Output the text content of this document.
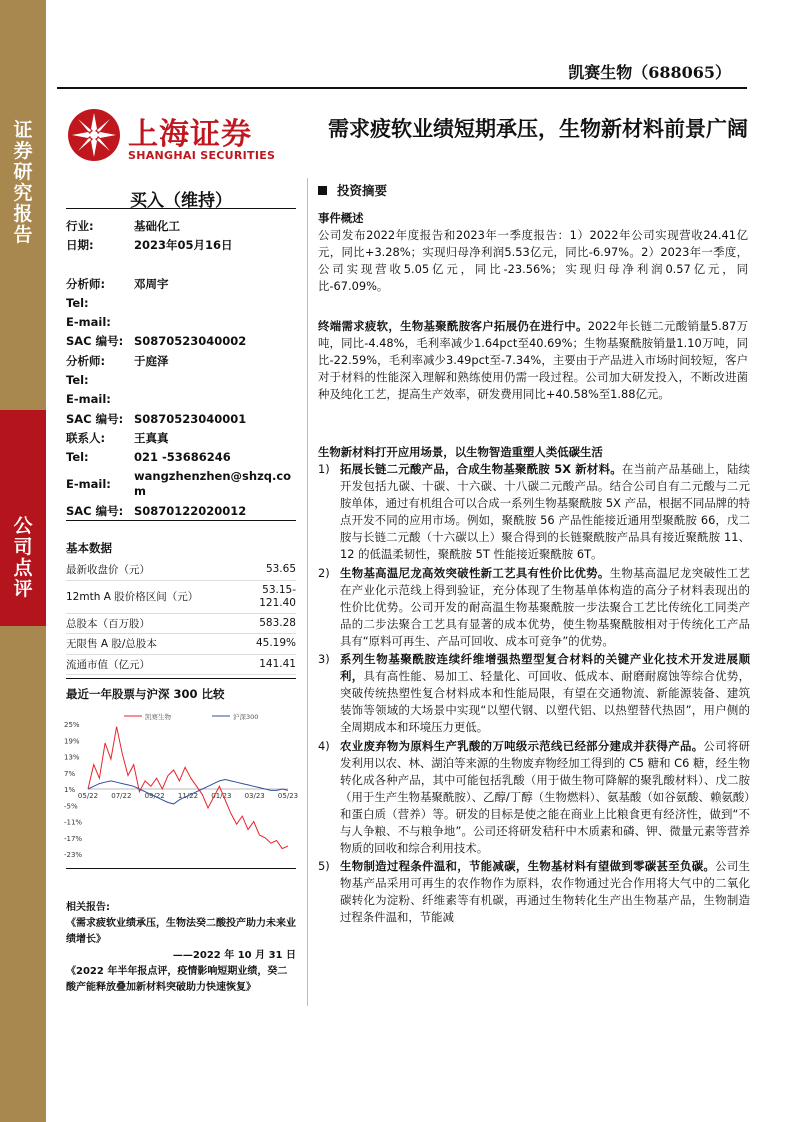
证
券
研
究
报
告
公
司
点
评
凯赛生物（688065）
上海证券
SHANGHAI SECURITIES
需求疲软业绩短期承压，生物新材料前景广阔
买入（维持）
行业:	基础化工
日期:	2023年05月16日
分析师:	邓周宇
Tel:
E-mail:
SAC 编号: S0870523040002
分析师:	于庭泽
Tel:
E-mail:
SAC 编号: S0870523040001
联系人:	王真真
Tel:	021 -53686246
E-mail:
wangzhenzhen@shzq.com
SAC 编号: S0870122020012
基本数据
最新收盘价（元）	53.65
12mth A 股价格区间（元）
53.15-121.40
总股本（百万股）	583.28
无限售 A 股/总股本	45.19%
流通市值（亿元）	141.41
最近一年股票与沪深 300 比较
25%
19%
13%
7%
1%
-5%
-11%
-17%
-23%
05/22 07/22 09/22 11/22 01/23 03/23 05/23
凯赛生物	沪深300
相关报告:
《需求疲软业绩承压，生物法癸二酸投产助力未来业绩增长》
——2022 年 10 月 31 日
《2022 年半年报点评，疫情影响短期业绩，癸二酸产能释放叠加新材料突破助力快速恢复》
投资摘要
事件概述
公司发布2022年度报告和2023年一季度报告：1）2022年公司实现营收24.41亿元，同比+3.28%；实现归母净利润5.53亿元，同比-6.97%。2）2023年一季度，公司实现营收5.05亿元，同比-23.56%；实现归母净利润0.57亿元，同比-67.09%。
终端需求疲软，生物基聚酰胺客户拓展仍在进行中。2022年长链二元酸销量5.87万吨，同比-4.48%，毛利率减少1.64pct至40.69%；生物基聚酰胺销量1.10万吨，同比-22.59%，毛利率减少3.49pct至-7.34%，主要由于产品进入市场时间较短，客户对于材料的性能深入理解和熟练使用仍需一段过程。公司加大研发投入，不断改进菌种及纯化工艺，提高生产效率，研发费用同比+40.58%至1.88亿元。
生物新材料打开应用场景，以生物智造重塑人类低碳生活
1) 拓展长链二元酸产品，合成生物基聚酰胺 5X 新材料。在当前产品基础上，陆续开发包括九碳、十碳、十六碳、十八碳二元酸产品。结合公司自有二元酸与二元胺单体，通过有机组合可以合成一系列生物基聚酰胺 5X 产品，根据不同品牌的特点开发不同的应用市场。例如，聚酰胺 56 产品性能接近通用型聚酰胺 66，戊二胺与长链二元酸（十六碳以上）聚合得到的长链聚酰胺产品具有接近聚酰胺 11、12 的低温柔韧性，聚酰胺 5T 性能接近聚酰胺 6T。
2) 生物基高温尼龙高效突破性新工艺具有性价比优势。生物基高温尼龙突破性工艺在产业化示范线上得到验证，充分体现了生物基单体构造的高分子材料表现出的性价比优势。公司开发的耐高温生物基聚酰胺一步法聚合工艺比传统化工同类产品的二步法聚合工艺具有显著的成本优势，使生物基聚酰胺相对于传统化工产品具有“原料可再生、产品可回收、成本可竞争”的优势。
3) 系列生物基聚酰胺连续纤维增强热塑型复合材料的关键产业化技术开发进展顺利，具有高性能、易加工、轻量化、可回收、低成本、耐磨耐腐蚀等综合优势，突破传统热塑性复合材料成本和性能局限，有望在交通物流、新能源装备、建筑装饰等领域的大场景中实现“以塑代钢、以塑代铝、以热塑替代热固”，用户侧的全周期成本和环境压力更低。
4) 农业废弃物为原料生产乳酸的万吨级示范线已经部分建成并获得产品。公司将研发利用以农、林、湖泊等来源的生物废弃物经加工得到的 C5 糖和 C6 糖，经生物转化成各种产品，其中可能包括乳酸（用于做生物可降解的聚乳酸材料）、戊二胺（用于生产生物基聚酰胺）、乙醇/丁醇（生物燃料）、氨基酸（如谷氨酸、赖氨酸）和蛋白质（营养）等。研发的目标是使之能在商业上比粮食更有经济性，做到“不与人争粮、不与粮争地”。公司还将研发秸秆中木质素和磷、钾、微量元素等营养物质的回收和综合利用技术。
5) 生物制造过程条件温和，节能减碳，生物基材料有望做到零碳甚至负碳。公司生物基产品采用可再生的农作物作为原料，农作物通过光合作用将大气中的二氧化碳转化为淀粉、纤维素等有机碳，再通过生物转化生产出生物基产品，生物制造过程条件温和，节能减
